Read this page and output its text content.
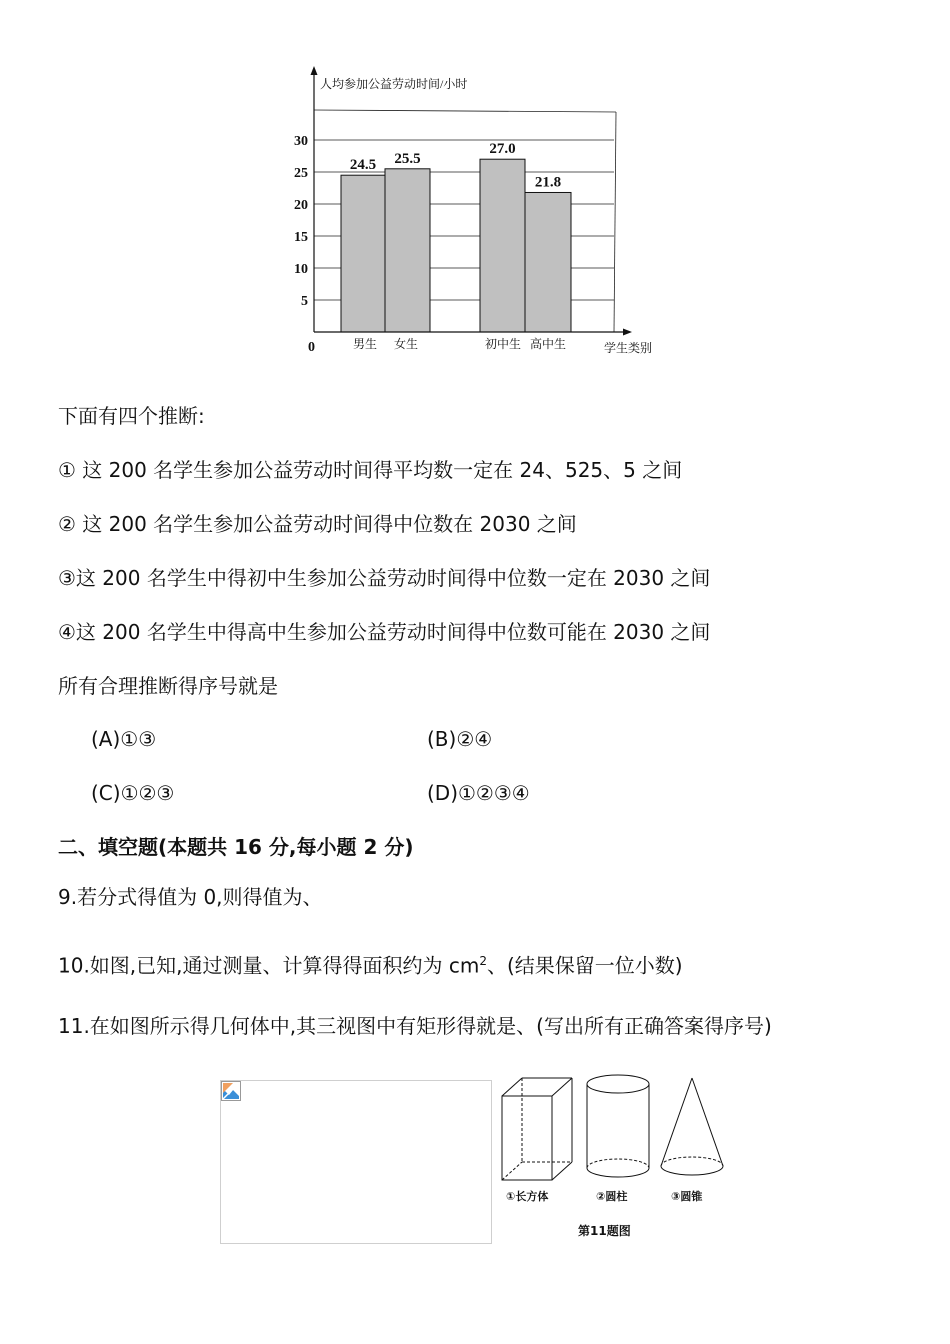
5
10
15
20
25
30
24.5
男生
25.5
女生
27.0
初中生
21.8
高中生
人均参加公益劳动时间/小时
学生类别
0
下面有四个推断:
① 这 200 名学生参加公益劳动时间得平均数一定在 24、525、5 之间
② 这 200 名学生参加公益劳动时间得中位数在 2030 之间
③这 200 名学生中得初中生参加公益劳动时间得中位数一定在 2030 之间
④这 200 名学生中得高中生参加公益劳动时间得中位数可能在 2030 之间
所有合理推断得序号就是
(A)①③	(B)②④
(C)①②③	(D)①②③④
二、填空题(本题共 16 分,每小题 2 分)
9.若分式得值为 0,则得值为、
10.如图,已知,通过测量、计算得得面积约为 $cm^2$、(结果保留一位小数)
11.在如图所示得几何体中,其三视图中有矩形得就是、(写出所有正确答案得序号)
①长方体	②圆柱	③圆锥
第11题图
